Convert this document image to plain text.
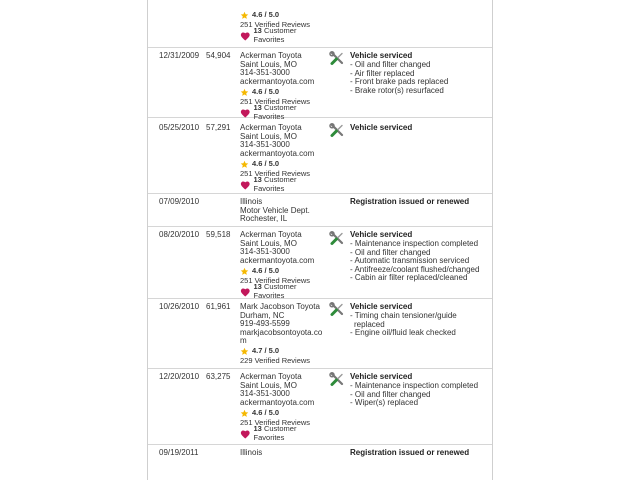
4.6 / 5.0
251 Verified Reviews
13 Customer Favorites
12/31/2009 54,904 Ackerman Toyota
Saint Louis, MO
314-351-3000
ackermantoyota.com
4.6 / 5.0
251 Verified Reviews
13 Customer Favorites
Vehicle serviced
- Oil and filter changed
- Air filter replaced
- Front brake pads replaced
- Brake rotor(s) resurfaced
05/25/2010 57,291 Ackerman Toyota
Saint Louis, MO
314-351-3000
ackermantoyota.com
4.6 / 5.0
251 Verified Reviews
13 Customer Favorites
Vehicle serviced
07/09/2010	Illinois
Motor Vehicle Dept.
Rochester, IL
Registration issued or renewed
08/20/2010 59,518 Ackerman Toyota
Saint Louis, MO
314-351-3000
ackermantoyota.com
4.6 / 5.0
251 Verified Reviews
13 Customer Favorites
Vehicle serviced
- Maintenance inspection completed
- Oil and filter changed
- Automatic transmission serviced
- Antifreeze/coolant flushed/changed
- Cabin air filter replaced/cleaned
10/26/2010 61,961 Mark Jacobson Toyota
Durham, NC
919-493-5599
markjacobsontoyota.co
m
4.7 / 5.0
229 Verified Reviews
Vehicle serviced
- Timing chain tensioner/guide replaced
- Engine oil/fluid leak checked
12/20/2010 63,275 Ackerman Toyota
Saint Louis, MO
314-351-3000
ackermantoyota.com
4.6 / 5.0
251 Verified Reviews
13 Customer Favorites
Vehicle serviced
- Maintenance inspection completed
- Oil and filter changed
- Wiper(s) replaced
09/19/2011	Illinois	Registration issued or renewed
